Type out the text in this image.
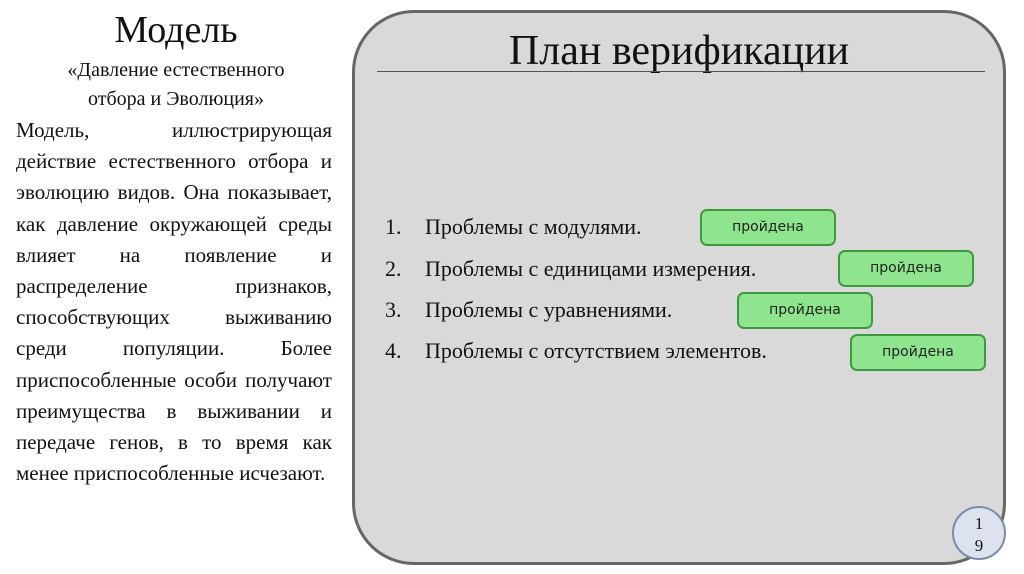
Модель
«Давление естественного
отбора и Эволюция»

Модель, иллюстрирующая действие естественного отбора и эволюцию видов. Она показывает, как давление окружающей среды влияет на появление и распределение признаков, способствующих выживанию среди популяции. Более приспособленные особи получают преимущества в выживании и передаче генов, в то время как менее приспособленные исчезают.

План верификации
1. Проблемы с модулями.	пройдена
2. Проблемы с единицами измерения.	пройдена
3. Проблемы с уравнениями.	пройдена
4. Проблемы с отсутствием элементов.	пройдена
1
9
